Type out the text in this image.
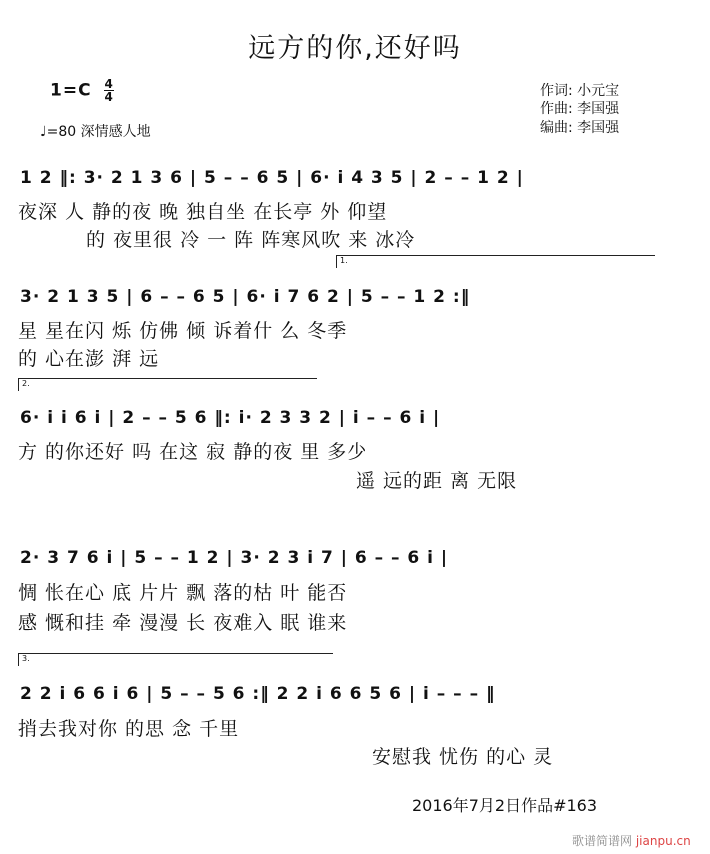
远方的你,还好吗
$1=C \frac{4}{4}$
♩=80 深情感人地
作词: 小元宝
作曲: 李国强
编曲: 李国强
1 2 ‖: 3· 2 1 3 6 | 5 – – 6 5 | 6· i 4 3 5 | 2 – – 1 2 |
夜深 人 静的夜 晚 独自坐 在长亭 外 仰望
的 夜里很 冷 一 阵 阵寒风吹 来 冰冷
1.
3· 2 1 3 5 | 6 – – 6 5 | 6· i 7 6 2 | 5 – – 1 2 :‖
星 星在闪 烁 仿佛 倾 诉着什 么 冬季
的 心在澎 湃 远
2.
6· i i 6 i | 2 – – 5 6 ‖: i· 2 3 3 2 | i – – 6 i |
方 的你还好 吗 在这 寂 静的夜 里 多少
遥 远的距 离 无限
2· 3 7 6 i | 5 – – 1 2 | 3· 2 3 i 7 | 6 – – 6 i |
惆 怅在心 底 片片 飘 落的枯 叶 能否
感 慨和挂 牵 漫漫 长 夜难入 眠 谁来
3.
2 2 i 6 6 i 6 | 5 – – 5 6 :‖ 2 2 i 6 6 5 6 | i – – – ‖
捎去我对你 的思 念 千里
安慰我 忧伤 的心 灵
2016年7月2日作品#163
歌谱简谱网 jianpu.cn
